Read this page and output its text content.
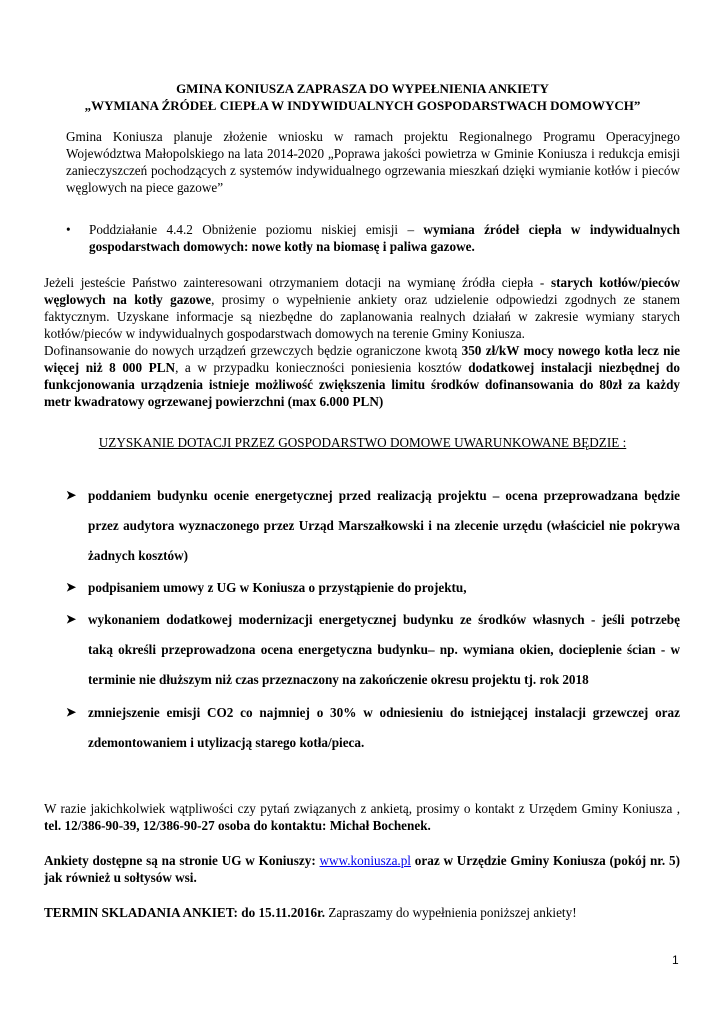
GMINA KONIUSZA ZAPRASZA DO WYPEŁNIENIA ANKIETY
„WYMIANA ŹRÓDEŁ CIEPŁA W INDYWIDUALNYCH GOSPODARSTWACH DOMOWYCH”
Gmina Koniusza planuje złożenie wniosku w ramach projektu Regionalnego Programu Operacyjnego Województwa Małopolskiego na lata 2014-2020 „Poprawa jakości powietrza w Gminie Koniusza i redukcja emisji zanieczyszczeń pochodzących z systemów indywidualnego ogrzewania mieszkań dzięki wymianie kotłów i pieców węglowych na piece gazowe”
• Poddziałanie 4.4.2 Obniżenie poziomu niskiej emisji – wymiana źródeł ciepła w indywidualnych gospodarstwach domowych: nowe kotły na biomasę i paliwa gazowe.

Jeżeli jesteście Państwo zainteresowani otrzymaniem dotacji na wymianę źródła ciepła - starych kotłów/pieców węglowych na kotły gazowe, prosimy o wypełnienie ankiety oraz udzielenie odpowiedzi zgodnych ze stanem faktycznym. Uzyskane informacje są niezbędne do zaplanowania realnych działań w zakresie wymiany starych kotłów/pieców w indywidualnych gospodarstwach domowych na terenie Gminy Koniusza.

Dofinansowanie do nowych urządzeń grzewczych będzie ograniczone kwotą 350 zł/kW mocy nowego kotła lecz nie więcej niż 8 000 PLN, a w przypadku konieczności poniesienia kosztów dodatkowej instalacji niezbędnej do funkcjonowania urządzenia istnieje możliwość zwiększenia limitu środków dofinansowania do 80zł za każdy metr kwadratowy ogrzewanej powierzchni (max 6.000 PLN)

UZYSKANIE DOTACJI PRZEZ GOSPODARSTWO DOMOWE UWARUNKOWANE BĘDZIE :
➤ poddaniem budynku ocenie energetycznej przed realizacją projektu – ocena przeprowadzana będzie
przez audytora wyznaczonego przez Urząd Marszałkowski i na zlecenie urzędu (właściciel nie pokrywa
żadnych kosztów)
➤ podpisaniem umowy z UG w Koniusza o przystąpienie do projektu,
➤ wykonaniem dodatkowej modernizacji energetycznej budynku ze środków własnych - jeśli potrzebę
taką określi przeprowadzona ocena energetyczna budynku– np. wymiana okien, docieplenie ścian - w
terminie nie dłuższym niż czas przeznaczony na zakończenie okresu projektu tj. rok 2018
➤ zmniejszenie emisji CO2 co najmniej o 30% w odniesieniu do istniejącej instalacji grzewczej oraz
zdemontowaniem i utylizacją starego kotła/pieca.
W razie jakichkolwiek wątpliwości czy pytań związanych z ankietą, prosimy o kontakt z Urzędem Gminy Koniusza , tel. 12/386-90-39, 12/386-90-27 osoba do kontaktu: Michał Bochenek.
Ankiety dostępne są na stronie UG w Koniuszy: www.koniusza.pl oraz w Urzędzie Gminy Koniusza (pokój nr. 5) jak również u sołtysów wsi.
TERMIN SKLADANIA ANKIET: do 15.11.2016r. Zapraszamy do wypełnienia poniższej ankiety!
1
